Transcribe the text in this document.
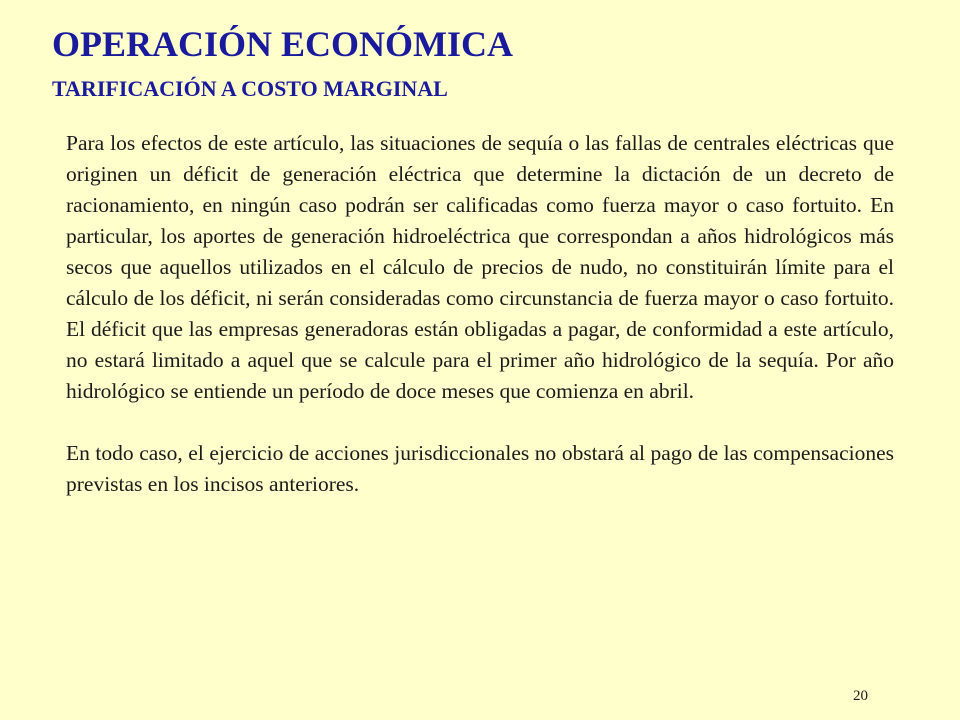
OPERACIÓN ECONÓMICA
TARIFICACIÓN A COSTO MARGINAL

Para los efectos de este artículo, las situaciones de sequía o las fallas de centrales eléctricas que originen un déficit de generación eléctrica que determine la dictación de un decreto de racionamiento, en ningún caso podrán ser calificadas como fuerza mayor o caso fortuito. En particular, los aportes de generación hidroeléctrica que correspondan a años hidrológicos más secos que aquellos utilizados en el cálculo de precios de nudo, no constituirán límite para el cálculo de los déficit, ni serán consideradas como circunstancia de fuerza mayor o caso fortuito. El déficit que las empresas generadoras están obligadas a pagar, de conformidad a este artículo, no estará limitado a aquel que se calcule para el primer año hidrológico de la sequía. Por año hidrológico se entiende un período de doce meses que comienza en abril.

En todo caso, el ejercicio de acciones jurisdiccionales no obstará al pago de las compensaciones previstas en los incisos anteriores.

20
